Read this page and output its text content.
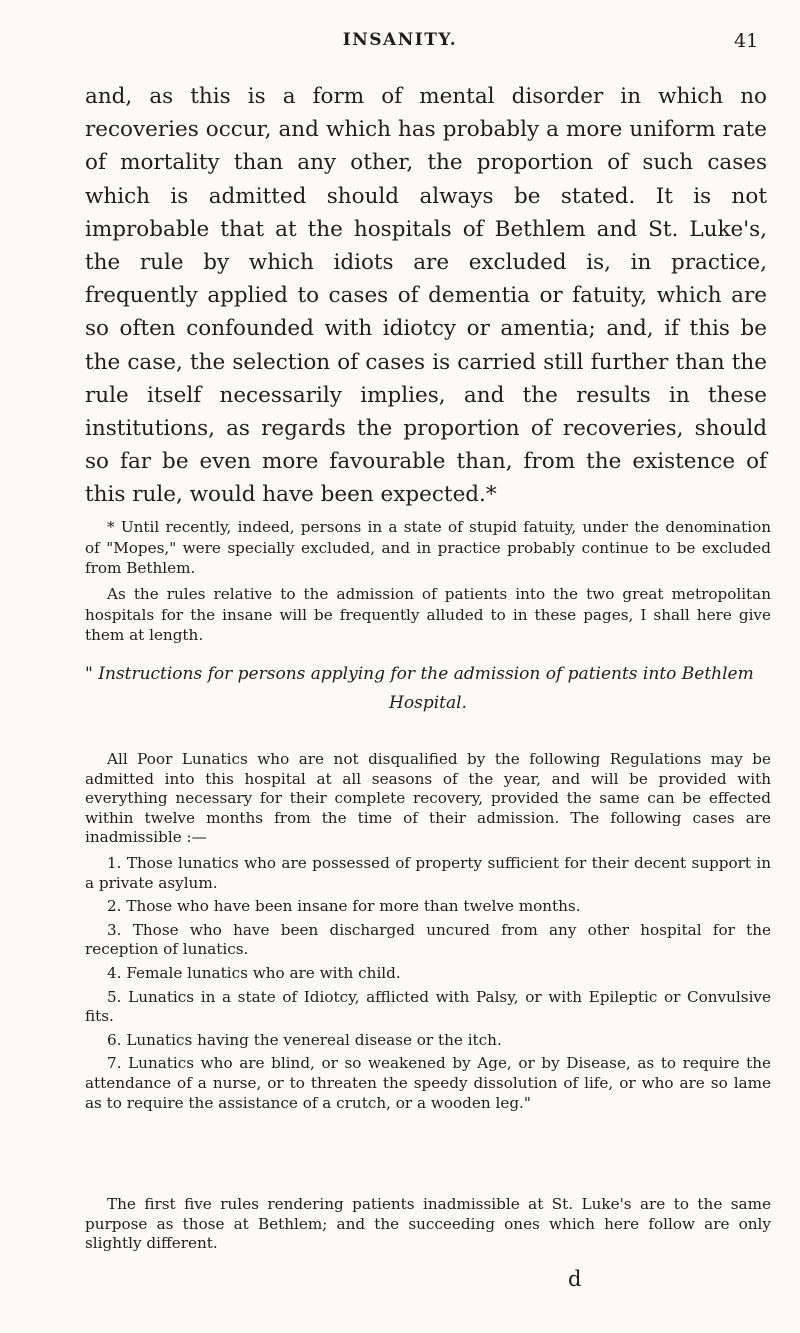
INSANITY.	41

and, as this is a form of mental disorder in which no recoveries occur, and which has probably a more uniform rate of mortality than any other, the proportion of such cases which is admitted should always be stated. It is not improbable that at the hospitals of Bethlem and St. Luke's, the rule by which idiots are excluded is, in practice, frequently applied to cases of dementia or fatuity, which are so often confounded with idiotcy or amentia; and, if this be the case, the selection of cases is carried still further than the rule itself necessarily implies, and the results in these institutions, as regards the proportion of recoveries, should so far be even more favourable than, from the existence of this rule, would have been expected.*

* Until recently, indeed, persons in a state of stupid fatuity, under the denomination of "Mopes," were specially excluded, and in practice probably continue to be excluded from Bethlem.

As the rules relative to the admission of patients into the two great metropolitan hospitals for the insane will be frequently alluded to in these pages, I shall here give them at length.

" Instructions for persons applying for the admission of patients into Bethlem
Hospital.

All Poor Lunatics who are not disqualified by the following Regulations may be admitted into this hospital at all seasons of the year, and will be provided with everything necessary for their complete recovery, provided the same can be effected within twelve months from the time of their admission. The following cases are inadmissible :—

1. Those lunatics who are possessed of property sufficient for their decent support in a private asylum.

2. Those who have been insane for more than twelve months.

3. Those who have been discharged uncured from any other hospital for the reception of lunatics.

4. Female lunatics who are with child.

5. Lunatics in a state of Idiotcy, afflicted with Palsy, or with Epileptic or Convulsive fits.

6. Lunatics having the venereal disease or the itch.

7. Lunatics who are blind, or so weakened by Age, or by Disease, as to require the attendance of a nurse, or to threaten the speedy dissolution of life, or who are so lame as to require the assistance of a crutch, or a wooden leg."

The first five rules rendering patients inadmissible at St. Luke's are to the same purpose as those at Bethlem; and the succeeding ones which here follow are only slightly different.

d
